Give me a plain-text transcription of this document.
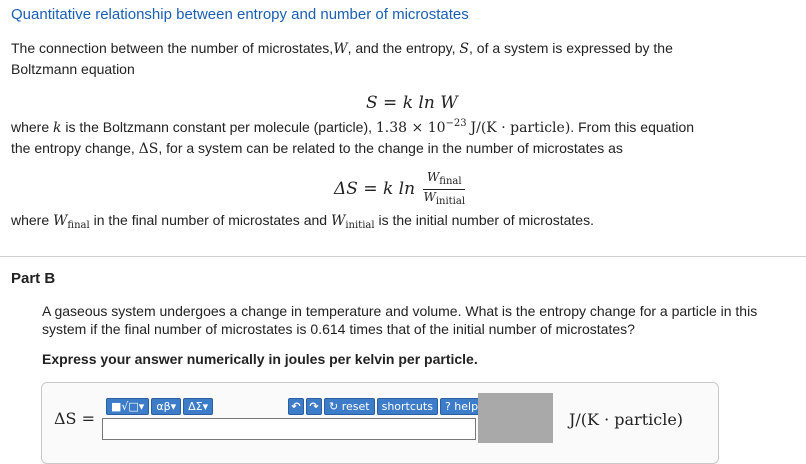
Quantitative relationship between entropy and number of microstates
The connection between the number of microstates,W, and the entropy, S, of a system is expressed by the
Boltzmann equation
S = k ln W
where k is the Boltzmann constant per molecule (particle), $1.38 \times 10^{-23}$ J/(K · particle). From this equation
the entropy change, ΔS, for a system can be related to the change in the number of microstates as
ΔS = k $\ln \frac{W_{final}}{W_{initial}}$
where $W_{final}$ in the final number of microstates and $W_{initial}$ is the initial number of microstates.
Part B
A gaseous system undergoes a change in temperature and volume. What is the entropy change for a particle in this system if the final number of microstates is 0.614 times that of the initial number of microstates?
Express your answer numerically in joules per kelvin per particle.
ΔS =
■√□ ▾ αβ ▾ ΔΣ ▾	↶ ↷ ↻
reset shortcuts ?
help
J/(K · particle)
